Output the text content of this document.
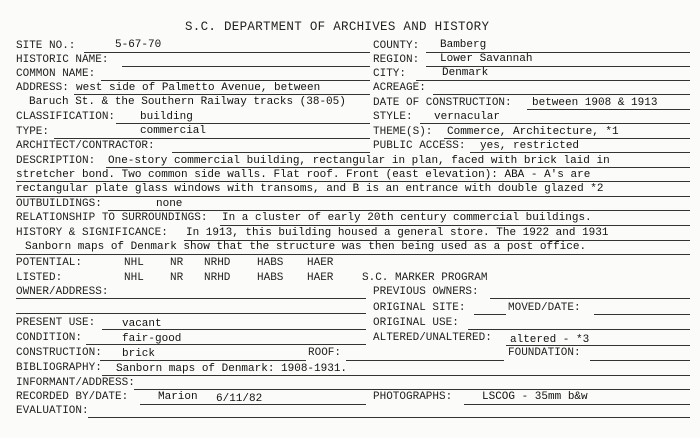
S.C. DEPARTMENT OF ARCHIVES AND HISTORY
SITE NO.:	5-67-70	COUNTY: Bamberg
HISTORIC NAME:	REGION: Lower Savannah
COMMON NAME:	CITY:	Denmark
ADDRESS: west side of Palmetto Avenue, between	ACREAGE:
Baruch St. & the Southern Railway tracks (38-05) DATE OF CONSTRUCTION: between 1908 & 1913
CLASSIFICATION: building	STYLE: vernacular
TYPE:	commercial	THEME(S): Commerce, Architecture, *1
ARCHITECT/CONTRACTOR:	PUBLIC ACCESS: yes, restricted
DESCRIPTION: One-story commercial building, rectangular in plan, faced with brick laid in
stretcher bond. Two common side walls. Flat roof. Front (east elevation): ABA - A's are
rectangular plate glass windows with transoms, and B is an entrance with double glazed *2
OUTBUILDINGS:	none
RELATIONSHIP TO SURROUNDINGS: In a cluster of early 20th century commercial buildings.
HISTORY & SIGNIFICANCE: In 1913, this building housed a general store. The 1922 and 1931
Sanborn maps of Denmark show that the structure was then being used as a post office.
POTENTIAL:	NHL NR NRHD HABS HAER
LISTED:	NHL NR NRHD HABS HAER	S.C. MARKER PROGRAM
OWNER/ADDRESS:	PREVIOUS OWNERS:
ORIGINAL SITE:	MOVED/DATE:
PRESENT USE: vacant	ORIGINAL USE:
CONDITION:	fair-good	ALTERED/UNALTERED: altered - *3
CONSTRUCTION: brick	ROOF:	FOUNDATION:
BIBLIOGRAPHY: Sanborn maps of Denmark: 1908-1931.
INFORMANT/ADDRESS:
RECORDED BY/DATE:	Marion 6/11/82	PHOTOGRAPHS:	LSCOG - 35mm b&w
EVALUATION:
